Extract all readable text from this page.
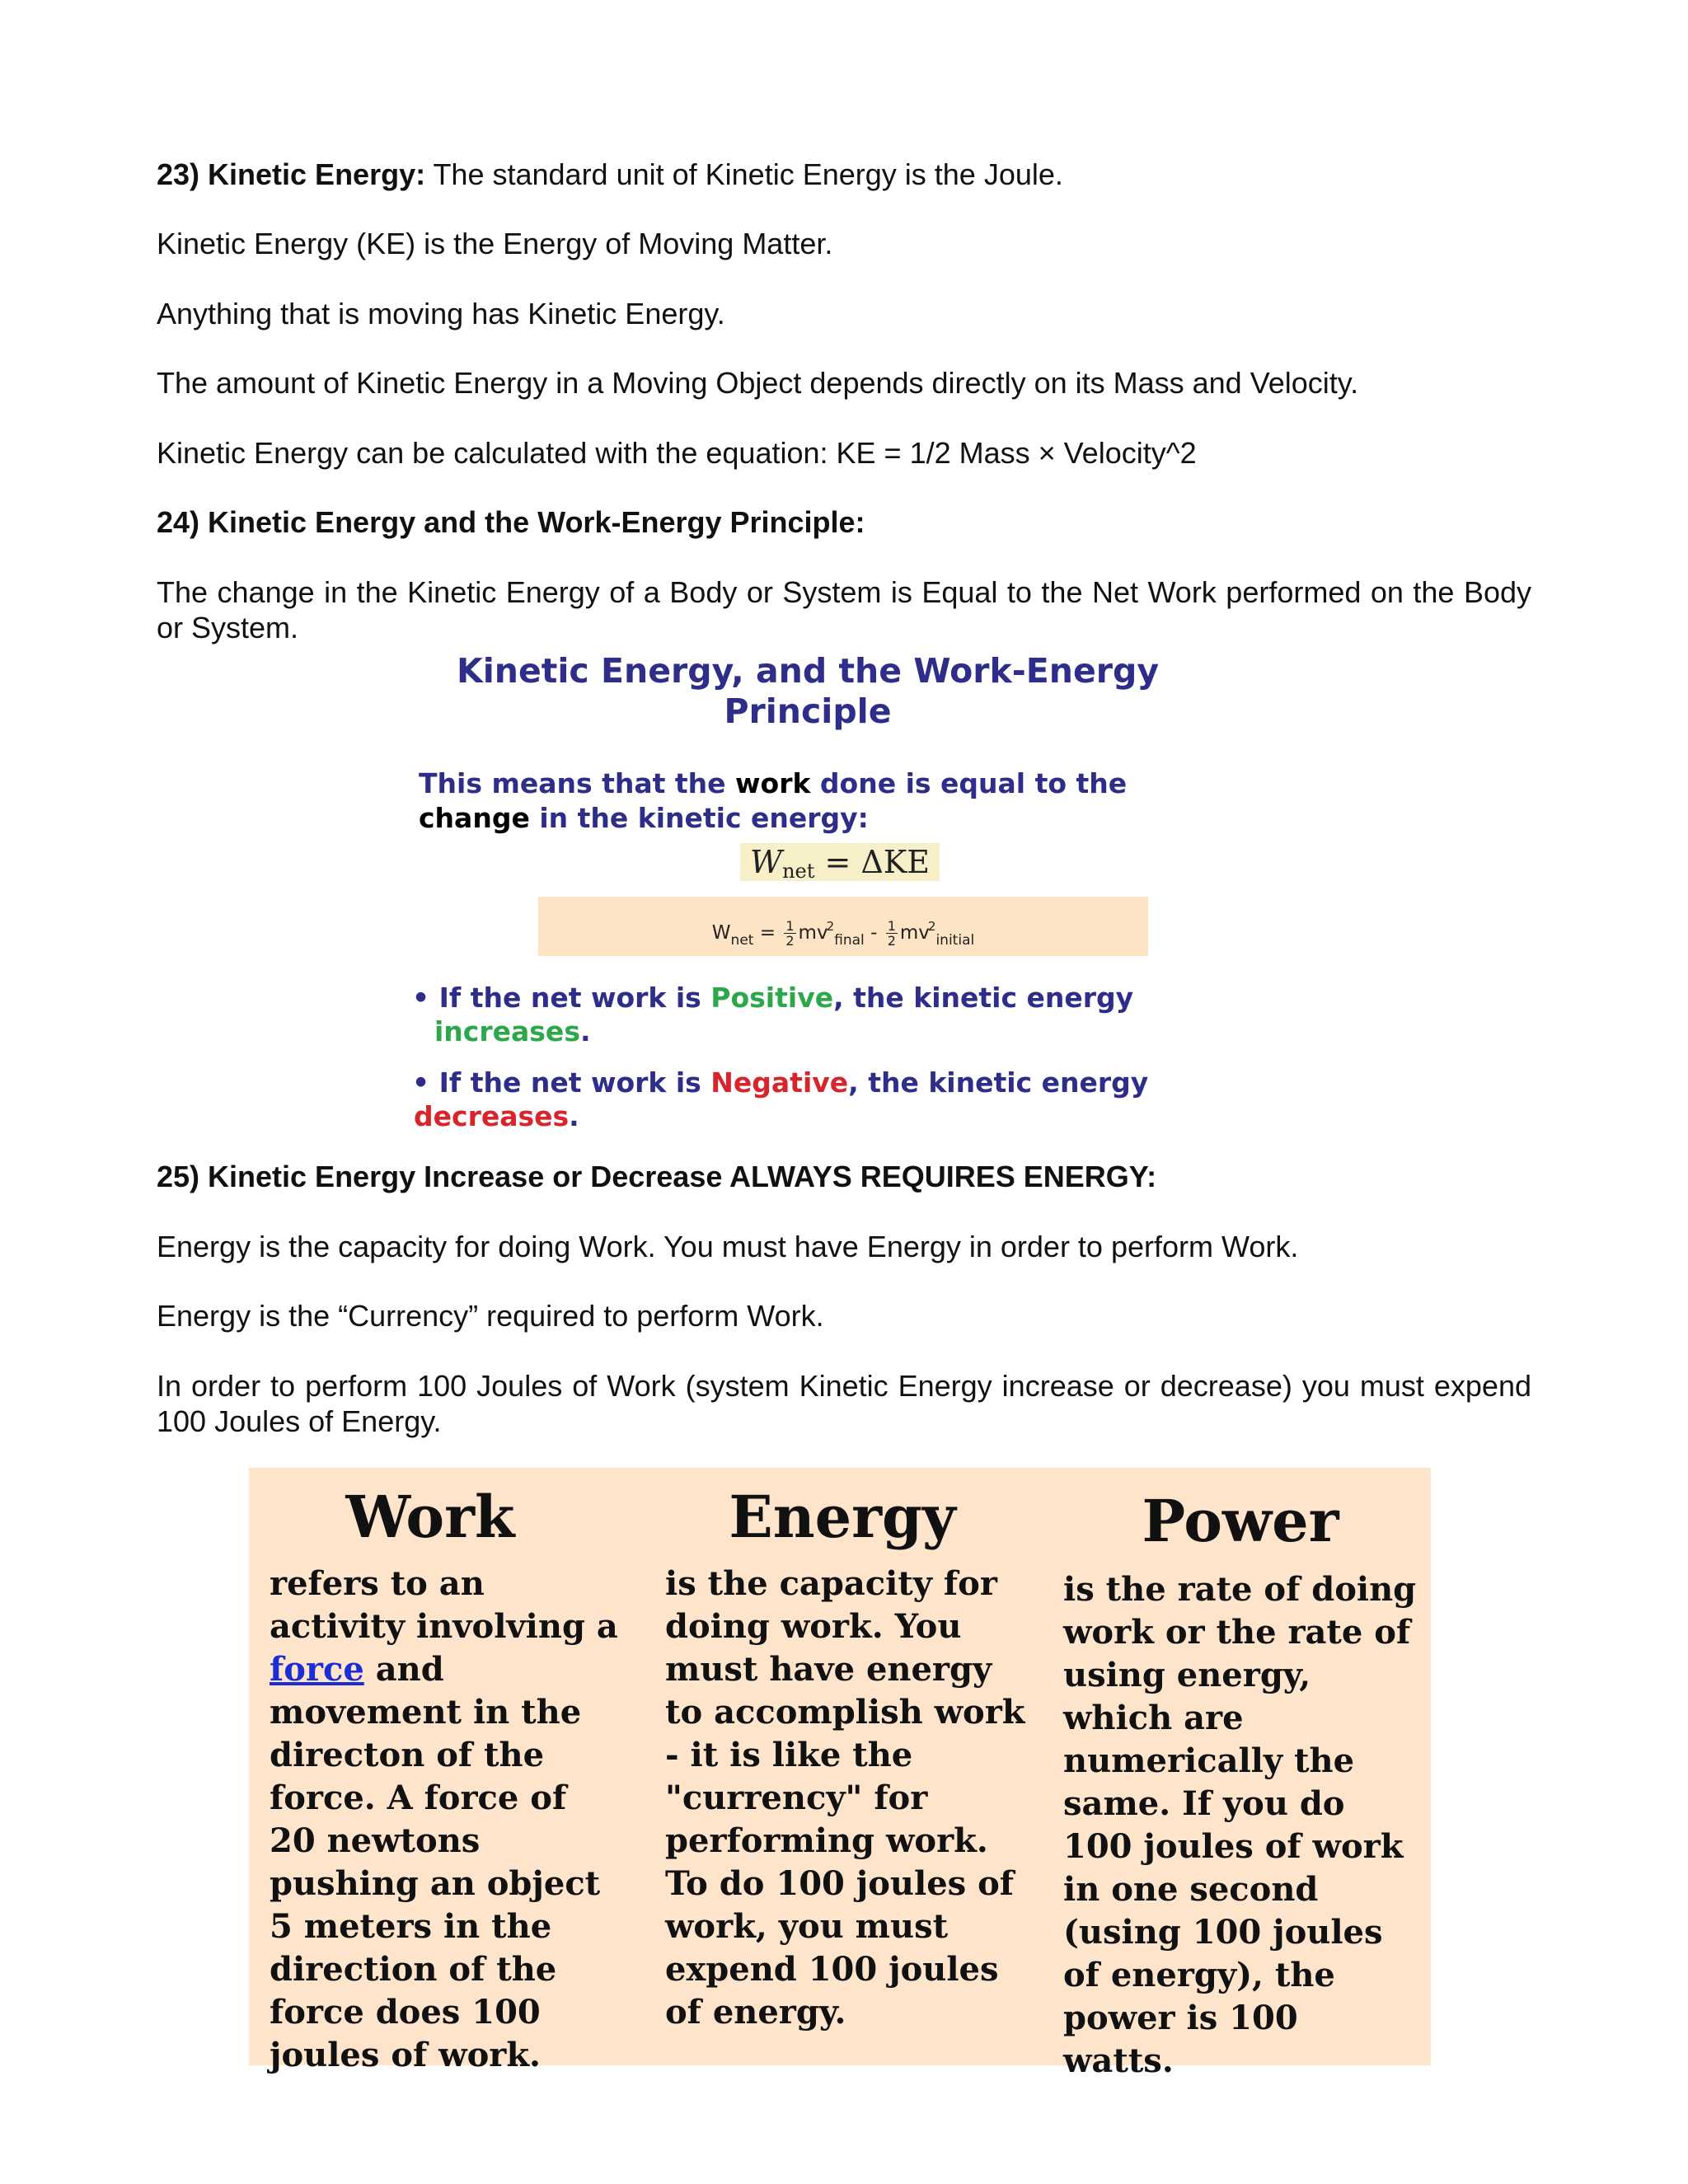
23) Kinetic Energy: The standard unit of Kinetic Energy is the Joule.

Kinetic Energy (KE) is the Energy of Moving Matter.

Anything that is moving has Kinetic Energy.

The amount of Kinetic Energy in a Moving Object depends directly on its Mass and Velocity.

Kinetic Energy can be calculated with the equation: KE = 1/2 Mass × Velocity^2

24) Kinetic Energy and the Work-Energy Principle:

The change in the Kinetic Energy of a Body or System is Equal to the Net Work performed on the Body or System.

Kinetic Energy, and the Work-Energy
Principle
This means that the work done is equal to the
change in the kinetic energy:
$W_{net} = \Delta KE$
$W_{net} = \frac{1}{2} mv^2_{final} - \frac{1}{2} mv^2_{initial}$
• If the net work is Positive, the kinetic energy
increases.
• If the net work is Negative, the kinetic energy
decreases.

25) Kinetic Energy Increase or Decrease ALWAYS REQUIRES ENERGY:

Energy is the capacity for doing Work. You must have Energy in order to perform Work.

Energy is the “Currency” required to perform Work.

In order to perform 100 Joules of Work (system Kinetic Energy increase or decrease) you must expend 100 Joules of Energy.

Work

refers to an activity involving a force and movement in the directon of the force. A force of 20 newtons pushing an object 5 meters in the direction of the force does 100 joules of work.

Energy

is the capacity for doing work. You must have energy to accomplish work - it is like the "currency" for performing work. To do 100 joules of work, you must expend 100 joules of energy.

Power

is the rate of doing work or the rate of using energy, which are numerically the same. If you do 100 joules of work in one second (using 100 joules of energy), the power is 100 watts.
